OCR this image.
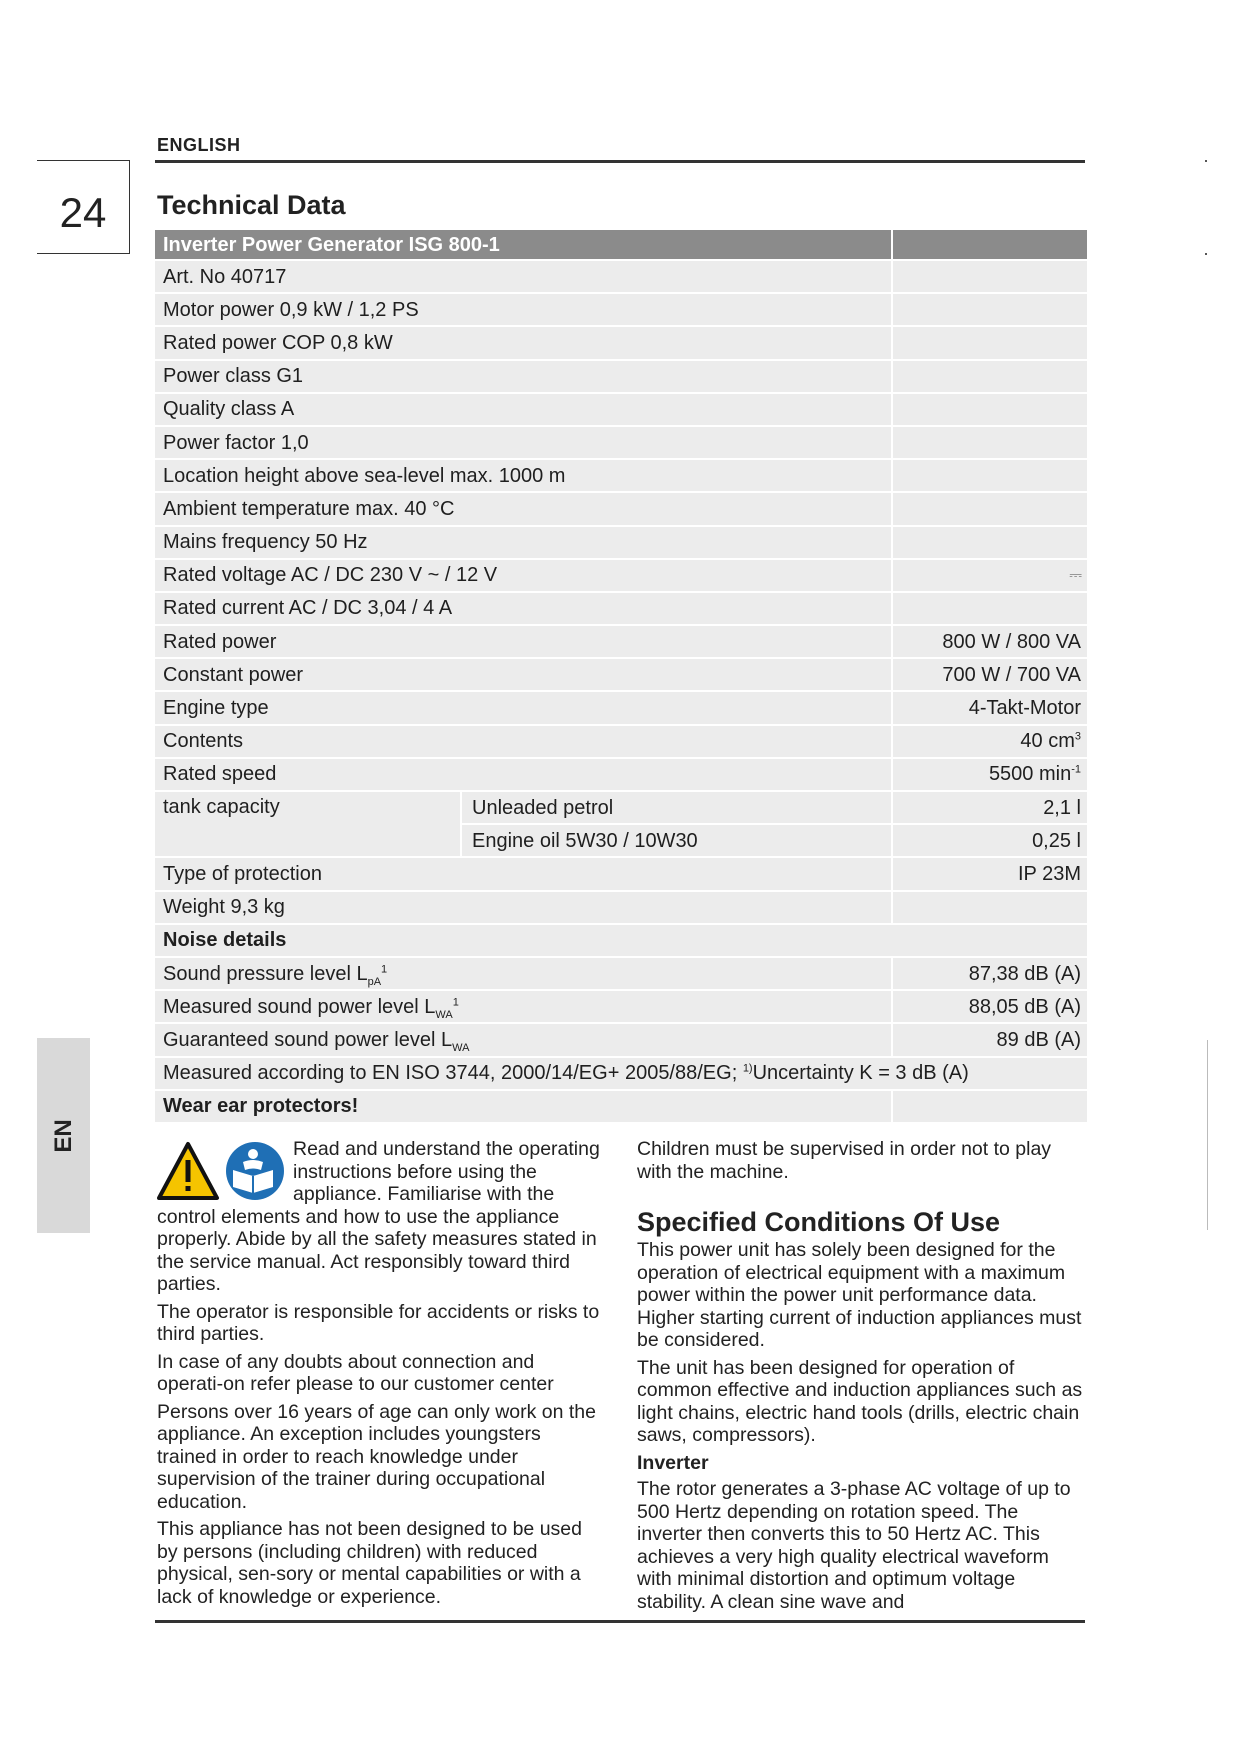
ENGLISH
24
EN
Technical Data
Inverter Power Generator ISG 800-1		
Art. No 40717		
Motor power 0,9 kW / 1,2 PS		
Rated power COP 0,8 kW		
Power class G1		
Quality class A		
Power factor 1,0		
Location height above sea-level max. 1000 m		
Ambient temperature max. 40 °C		
Mains frequency 50 Hz		
Rated voltage AC / DC 230 V ~ / 12 V		⎓
Rated current AC / DC 3,04 / 4 A		
Rated power		800 W / 800 VA
Constant power		700 W / 700 VA
Engine type		4-Takt-Motor
Contents		40 $cm^3$
Rated speed		5500 $\min^{-1}$
tank capacity	Unleaded petrol	2,1 l
	Engine oil 5W30 / 10W30	0,25 l
Type of protection		IP 23M
Weight 9,3 kg		
Noise details		
Sound pressure level $L_{pA}^1$		87,38 dB (A)
Measured sound power level $L_{WA}^1$		88,05 dB (A)
Guaranteed sound power level $L_{WA}$		89 dB (A)
Measured according to EN ISO 3744, 2000/14/EG+ 2005/88/EG; $^{1)}$Uncertainty K = 3 dB (A)		
Wear ear protectors!		

Read and understand the operating instructions before using the appliance. Familiarise with the control elements and how to use the appliance properly. Abide by all the safety measures stated in the service manual. Act responsibly toward third parties.

The operator is responsible for accidents or risks to third parties.

In case of any doubts about connection and operati-on refer please to our customer center

Persons over 16 years of age can only work on the appliance. An exception includes youngsters trained in order to reach knowledge under supervision of the trainer during occupational education.

This appliance has not been designed to be used by persons (including children) with reduced physical, sen-sory or mental capabilities or with a lack of knowledge or experience.

Children must be supervised in order not to play with the machine.

Specified Conditions Of Use

This power unit has solely been designed for the operation of electrical equipment with a maximum power within the power unit performance data. Higher starting current of induction appliances must be considered.

The unit has been designed for operation of common effective and induction appliances such as light chains, electric hand tools (drills, electric chain saws, compressors).

Inverter

The rotor generates a 3-phase AC voltage of up to 500 Hertz depending on rotation speed. The inverter then converts this to 50 Hertz AC. This achieves a very high quality electrical waveform with minimal distortion and optimum voltage stability. A clean sine wave and
